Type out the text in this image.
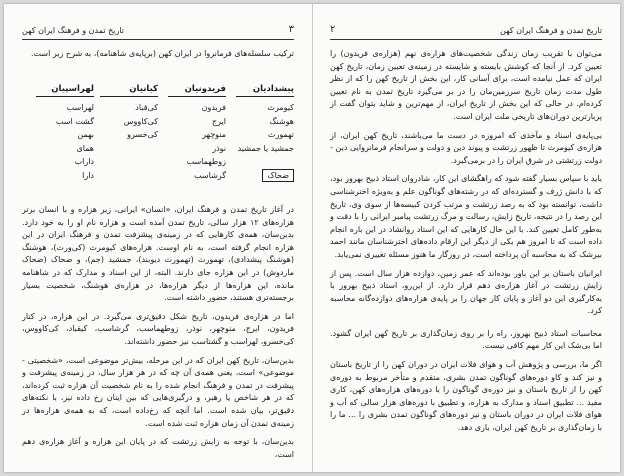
تاریخ تمدن و فرهنگ ایران کهن	۳

ترکیب سلسله‌های فرمانروا در ایران کهن (برپایه‌ی شاهنامه)، به شرح زیر است.

پیشدادیان
کیومرث
هوشنگ
تهمورث
جمشید یا جمشید
ضحاک
فریدونیان
فریدون
ایرج
منوچهر
نوذر
زوطهماسب
گرشاسب
کیانیان
کی‌قباد
کی‌کاووس
کی‌خسرو
لهراسپیان
لهراسب
گشت اسب
بهمن
همای
داراب
دارا

در آغاز تاریخ تمدن و فرهنگ ایران، «انسان» ایرانی، زیر هزاره و با انسان برتر هزاره‌های ۱۲ هزار سالی، تاریخ تمدن آمده است و هزاره نام او را به خود دارد. بدین‌سان، همه‌ی کارهایی که در زمینه‌ی پیشرفت تمدن و فرهنگ ایران در این هزاره انجام گرفته است، به نام اوست. هزاره‌های کیومرث (کی‌ورث)، هوشنگ (هوشنگ پیشدادی)، تهمورث (تهمورث دیوبند)، جمشید (جم)، و ضحاک (ضحاک ماردوش) در این هزاره جای دارند. البته، از این اسناد و مدارک که در شاهنامه مانده، این هزاره‌ها از دیگر هزاره‌ها، در هزاره‌ی هوشنگ، شخصیت بسیار برجسته‌تری هستند، حضور داشته است.

اما در هزاره‌ی فریدون، تاریخ شکل دقیق‌تری می‌گیرد. در این هزاره، در کنار فریدون، ایرج، منوچهر، نوذر، زوطهماسب، گرشاسب، کیقباد، کی‌کاووس، کی‌خسرو، لهراسب و گشتاسب نیز حضور داشته‌اند.

بدین‌سان، تاریخ کهن ایران که در این مرحله، بیش‌تر موضوعی است، «شخصیتی - موضوعی» است، یعنی همه‌ی آن چه که در هر هزار سال، در زمینه‌ی پیشرفت و پیشرفت در تمدن و فرهنگ انجام شده را به نام شخصیت آن هزاره ثبت کرده‌اند، که در هر شاخص یا رهبر، و درگیری‌هایی که بین اینان رخ داده نیز، با نکته‌های دقیق‌تر، بیان شده است. اما آنچه که رخ‌داده است، که به همه‌ی هزاره‌ها در زمینه‌ی تمدن آن زمان هزاره ثبت شده است.

بدین‌سان، با توجه به زایش زرتشت که در پایان این هزاره و آغاز هزاره‌ی دهم است،

تاریخ تمدن و فرهنگ ایران کهن
۲

می‌توان با تقریب زمان زندگی شخصیت‌های هزاره‌ی نهم (هزاره‌ی فریدون) را تعیین کرد. از آنجا که کوشش بایسته و شایسته در زمینه‌ی تعیین زمان، تاریخ کهن ایران که عمل نیامده است، برای آسانی کار، این بخش از تاریخ کهن را که از نظر طول مدت زمان تاریخ سرزمین‌مان را در بر می‌گیرد تاریخ تمدن به نام تعیین کرده‌ام. در حالی که این بخش از تاریخ ایران، از مهم‌ترین و شاید بتوان گفت از پربارترین دوران‌های تاریخی ملت ایران است.

بی‌پایه‌ی اسناد و مآخذی که امروزه در دست ما می‌باشند، تاریخ کهن ایران، از هزاره‌ی کیومرث تا ظهور زرتشت و پیوند دین و دولت و سرانجام فرمانروایی دین - دولت زرتشتی در شرق ایران را در برمی‌گیرد.

باید با سپاس بسیار گفته شود که راهگشای این کار، شادروان استاد ذبیح بهروز بود، که با دانش ژرف و گسترده‌ای که در رشته‌های گوناگون علم و به‌ویژه اخترشناسی داشت، توانسته بود که به رصد زرتشت و مرتب کردن کبیسه‌ها از سوی وی، تاریخ این رصد را در نتیجه، تاریخ زایش، رسالت و مرگ زرتشت پیامبر ایرانی را با دقت و به‌طور کامل تعیین کند. با این حال کارهایی که این استاد روانشاد در این باره انجام داده است که تا امروز هم یکی از دیگر این ارقام داده‌های اخترشناسان مانند احمد بیرشک که به محاسبه آن پرداخته است، در روزگار ما هنوز مسئله تغییری نمی‌یابد.

ایرانیان باستان بر این باور بوده‌اند که عمر زمین، دوازده هزار سال است. پس از زایش زرتشت در آغاز هزاره‌ی دهم قرار دارد. از این‌رو، استاد ذبیح بهروز با به‌کارگیری این دو آغاز و پایان کار جهان را بر پایه‌ی هزاره‌های دوازده‌گانه محاسبه کرد.

محاسبات استاد ذبیح بهروز، راه را بر روی زمان‌گذاری بر تاریخ کهن ایران گشود. اما بی‌شک این کار مهم کافی نیست.

اگر ما، بررسی و پژوهش آب و هوای فلات ایران در دوران کهن را از تاریخ باستان و نیز کند و کاو دوره‌های گوناگون تمدن بشری، متقدم و متأخر مربوط به دوره‌ی کهن را از تاریخ باستان و نیز دوره‌ی گوناگون را با دوره‌های هزاره‌های کهن، کاری مفید ... تطبیق اسناد و مدارک به هزاره، و تطبیق با دوره‌های هزار سالی که آب و هوای فلات ایران در دوران باستان و نیز دوره‌های گوناگون تمدن بشری را ... ما را با زمان‌گذاری بر تاریخ کهن ایران، یاری دهد.
